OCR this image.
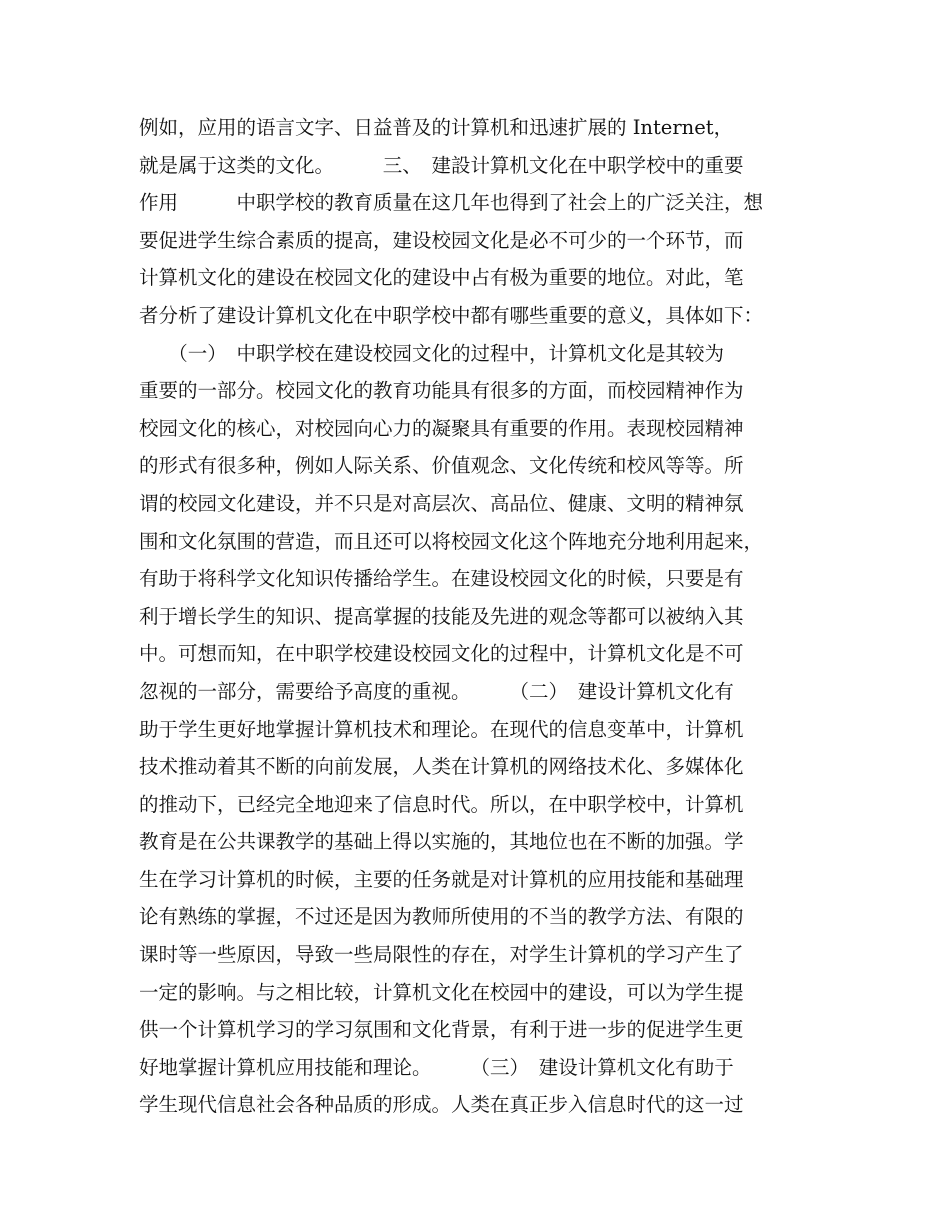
例如，应用的语言文字、日益普及的计算机和迅速扩展的 Internet，
就是属于这类的文化。　　　三、　建設计算机文化在中职学校中的重要
作用　　　中职学校的教育质量在这几年也得到了社会上的广泛关注，想
要促进学生综合素质的提高，建设校园文化是必不可少的一个环节，而
计算机文化的建设在校园文化的建设中占有极为重要的地位。对此，笔
者分析了建设计算机文化在中职学校中都有哪些重要的意义，具体如下：
　　（一）　中职学校在建设校园文化的过程中，计算机文化是其较为
重要的一部分。校园文化的教育功能具有很多的方面，而校园精神作为
校园文化的核心，对校园向心力的凝聚具有重要的作用。表现校园精神
的形式有很多种，例如人际关系、价值观念、文化传统和校风等等。所
谓的校园文化建设，并不只是对高层次、高品位、健康、文明的精神氛
围和文化氛围的营造，而且还可以将校园文化这个阵地充分地利用起来，
有助于将科学文化知识传播给学生。在建设校园文化的时候，只要是有
利于增长学生的知识、提高掌握的技能及先进的观念等都可以被纳入其
中。可想而知，在中职学校建设校园文化的过程中，计算机文化是不可
忽视的一部分，需要给予高度的重视。　　　（二）　建设计算机文化有
助于学生更好地掌握计算机技术和理论。在现代的信息变革中，计算机
技术推动着其不断的向前发展，人类在计算机的网络技术化、多媒体化
的推动下，已经完全地迎来了信息时代。所以，在中职学校中，计算机
教育是在公共课教学的基础上得以实施的，其地位也在不断的加强。学
生在学习计算机的时候，主要的任务就是对计算机的应用技能和基础理
论有熟练的掌握，不过还是因为教师所使用的不当的教学方法、有限的
课时等一些原因，导致一些局限性的存在，对学生计算机的学习产生了
一定的影响。与之相比较，计算机文化在校园中的建设，可以为学生提
供一个计算机学习的学习氛围和文化背景，有利于进一步的促进学生更
好地掌握计算机应用技能和理论。　　　（三）　建设计算机文化有助于
学生现代信息社会各种品质的形成。人类在真正步入信息时代的这一过
